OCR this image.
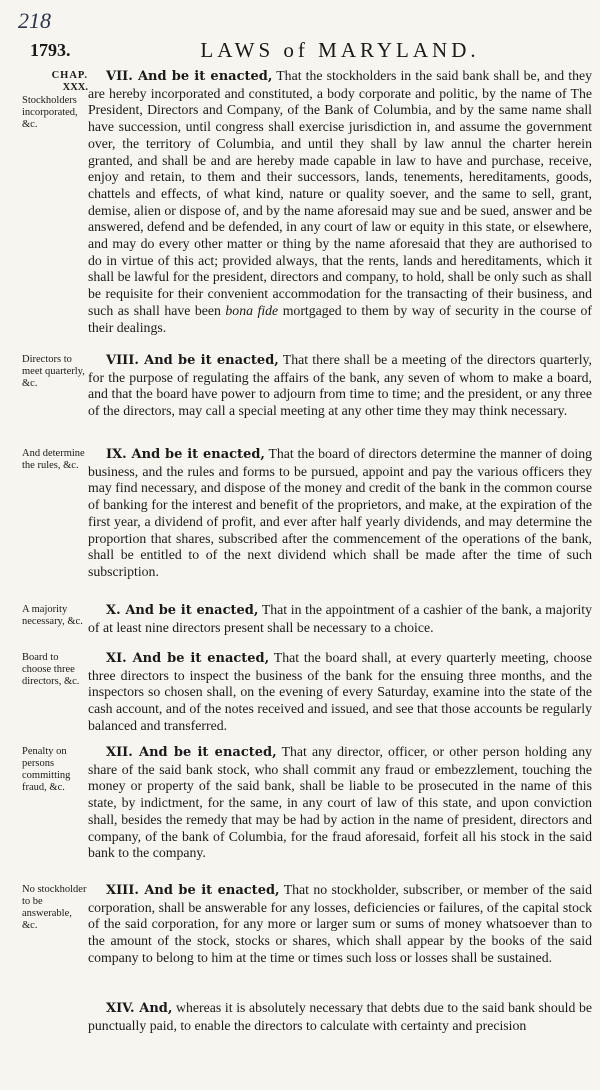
218
1793.	LAWS of MARYLAND.
CHAP.
XXX.
Stockholders incorporated, &c.

VII. And be it enacted, That the stockholders in the said bank shall be, and they are hereby incorporated and constituted, a body corporate and politic, by the name of The President, Directors and Company, of the Bank of Columbia, and by the same name shall have succession, until congress shall exercise jurisdiction in, and assume the government over, the territory of Columbia, and until they shall by law annul the charter herein granted, and shall be and are hereby made capable in law to have and purchase, receive, enjoy and retain, to them and their successors, lands, tenements, hereditaments, goods, chattels and effects, of what kind, nature or quality soever, and the same to sell, grant, demise, alien or dispose of, and by the name aforesaid may sue and be sued, answer and be answered, defend and be defended, in any court of law or equity in this state, or elsewhere, and may do every other matter or thing by the name aforesaid that they are authorised to do in virtue of this act; provided always, that the rents, lands and hereditaments, which it shall be lawful for the president, directors and company, to hold, shall be only such as shall be requisite for their convenient accommodation for the transacting of their business, and such as shall have been bona fide mortgaged to them by way of security in the course of their dealings.

Directors to meet quarterly, &c.

VIII. And be it enacted, That there shall be a meeting of the directors quarterly, for the purpose of regulating the affairs of the bank, any seven of whom to make a board, and that the board have power to adjourn from time to time; and the president, or any three of the directors, may call a special meeting at any other time they may think necessary.

And determine the rules, &c.

IX. And be it enacted, That the board of directors determine the manner of doing business, and the rules and forms to be pursued, appoint and pay the various officers they may find necessary, and dispose of the money and credit of the bank in the common course of banking for the interest and benefit of the proprietors, and make, at the expiration of the first year, a dividend of profit, and ever after half yearly dividends, and may determine the proportion that shares, subscribed after the commencement of the operations of the bank, shall be entitled to of the next dividend which shall be made after the time of such subscription.

A majority necessary, &c.

X. And be it enacted, That in the appointment of a cashier of the bank, a majority of at least nine directors present shall be necessary to a choice.

Board to choose three directors, &c.

XI. And be it enacted, That the board shall, at every quarterly meeting, choose three directors to inspect the business of the bank for the ensuing three months, and the inspectors so chosen shall, on the evening of every Saturday, examine into the state of the cash account, and of the notes received and issued, and see that those accounts be regularly balanced and transferred.

Penalty on persons committing fraud, &c.

XII. And be it enacted, That any director, officer, or other person holding any share of the said bank stock, who shall commit any fraud or embezzlement, touching the money or property of the said bank, shall be liable to be prosecuted in the name of this state, by indictment, for the same, in any court of law of this state, and upon conviction shall, besides the remedy that may be had by action in the name of president, directors and company, of the bank of Columbia, for the fraud aforesaid, forfeit all his stock in the said bank to the company.

No stockholder to be answerable, &c.

XIII. And be it enacted, That no stockholder, subscriber, or member of the said corporation, shall be answerable for any losses, deficiencies or failures, of the capital stock of the said corporation, for any more or larger sum or sums of money whatsoever than to the amount of the stock, stocks or shares, which shall appear by the books of the said company to belong to him at the time or times such loss or losses shall be sustained.

XIV. And, whereas it is absolutely necessary that debts due to the said bank should be punctually paid, to enable the directors to calculate with certainty and precision
